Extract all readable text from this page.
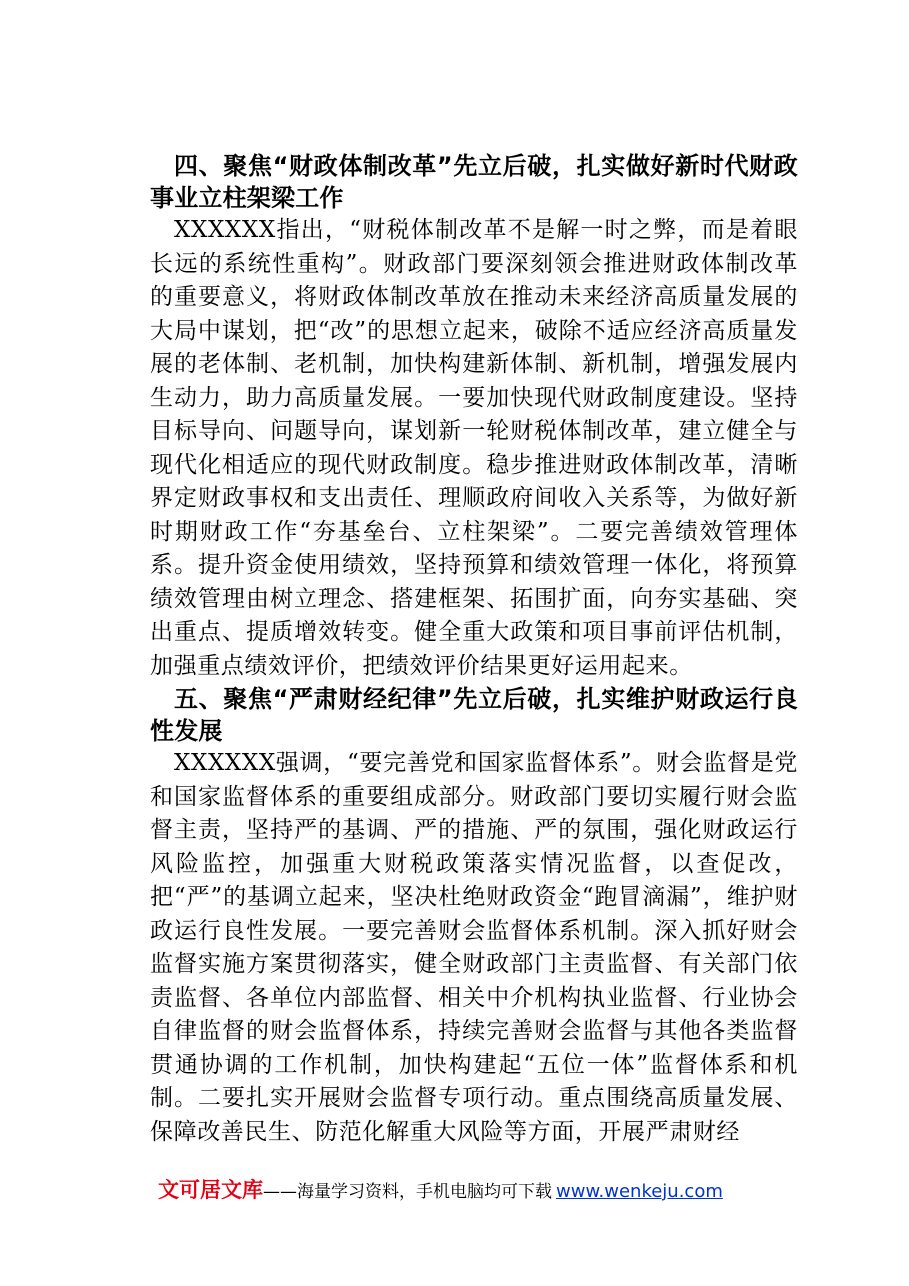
四、聚焦“财政体制改革”先立后破，扎实做好新时代财政事业立柱架梁工作

XXXXXX指出，“财税体制改革不是解一时之弊，而是着眼长远的系统性重构”。财政部门要深刻领会推进财政体制改革的重要意义，将财政体制改革放在推动未来经济高质量发展的大局中谋划，把“改”的思想立起来，破除不适应经济高质量发展的老体制、老机制，加快构建新体制、新机制，增强发展内生动力，助力高质量发展。一要加快现代财政制度建设。坚持目标导向、问题导向，谋划新一轮财税体制改革，建立健全与现代化相适应的现代财政制度。稳步推进财政体制改革，清晰界定财政事权和支出责任、理顺政府间收入关系等，为做好新时期财政工作“夯基垒台、立柱架梁”。二要完善绩效管理体系。提升资金使用绩效，坚持预算和绩效管理一体化，将预算绩效管理由树立理念、搭建框架、拓围扩面，向夯实基础、突出重点、提质增效转变。健全重大政策和项目事前评估机制，加强重点绩效评价，把绩效评价结果更好运用起来。

五、聚焦“严肃财经纪律”先立后破，扎实维护财政运行良性发展

XXXXXX强调，“要完善党和国家监督体系”。财会监督是党和国家监督体系的重要组成部分。财政部门要切实履行财会监督主责，坚持严的基调、严的措施、严的氛围，强化财政运行风险监控，加强重大财税政策落实情况监督，以查促改，把“严”的基调立起来，坚决杜绝财政资金“跑冒滴漏”，维护财政运行良性发展。一要完善财会监督体系机制。深入抓好财会监督实施方案贯彻落实，健全财政部门主责监督、有关部门依责监督、各单位内部监督、相关中介机构执业监督、行业协会自律监督的财会监督体系，持续完善财会监督与其他各类监督贯通协调的工作机制，加快构建起“五位一体”监督体系和机制。二要扎实开展财会监督专项行动。重点围绕高质量发展、保障改善民生、防范化解重大风险等方面，开展严肃财经

文可居文库——海量学习资料，手机电脑均可下载 www.wenkeju.com
